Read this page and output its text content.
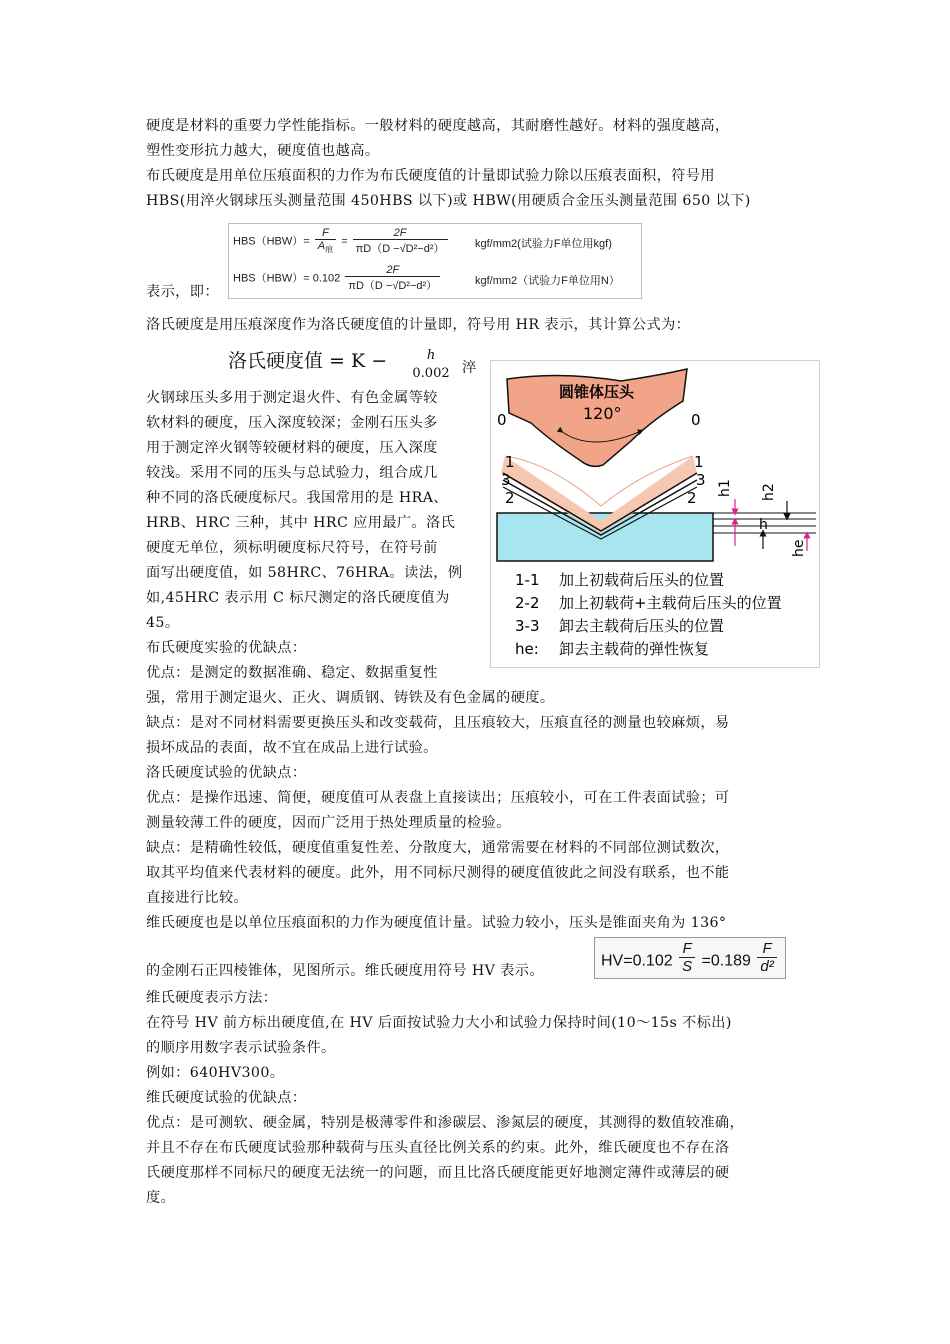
硬度是材料的重要力学性能指标。一般材料的硬度越高，其耐磨性越好。材料的强度越高，
塑性变形抗力越大，硬度值也越高。
布氏硬度是用单位压痕面积的力作为布氏硬度值的计量即试验力除以压痕表面积，符号用
HBS(用淬火钢球压头测量范围 450HBS 以下)或 HBW(用硬质合金压头测量范围 650 以下)
表示，即：
$HBS(HBW)= \frac{F}{A_痕} = \frac{2F}{\text{πD（D −√D²−d²）}}$	kgf/mm2(试验力F单位用kgf)
$HBS(HBW)= 0.102 \frac{2F}{\text{πD（D −√D²−d²）}}$	kgf/mm2（试验力F单位用N）
洛氏硬度是用压痕深度作为洛氏硬度值的计量即，符号用 HR 表示，其计算公式为：
洛氏硬度值 = K −	h
0.002 淬
火钢球压头多用于测定退火件、有色金属等较
软材料的硬度，压入深度较深；金刚石压头多
用于测定淬火钢等较硬材料的硬度，压入深度
较浅。采用不同的压头与总试验力，组合成几
种不同的洛氏硬度标尺。我国常用的是 HRA、
HRB、HRC 三种，其中 HRC 应用最广。洛氏
硬度无单位，须标明硬度标尺符号，在符号前
面写出硬度值，如 58HRC、76HRA。读法，例
如,45HRC 表示用 C 标尺测定的洛氏硬度值为
45。
圆锥体压头
120°
0	0
1
3
2
1
3
2
h1 h2
h
he
1-1 加上初载荷后压头的位置
2-2 加上初载荷+主载荷后压头的位置
3-3 卸去主载荷后压头的位置
he: 卸去主载荷的弹性恢复
布氏硬度实验的优缺点：
优点：是测定的数据准确、稳定、数据重复性
强，常用于测定退火、正火、调质钢、铸铁及有色金属的硬度。
缺点：是对不同材料需要更换压头和改变载荷，且压痕较大，压痕直径的测量也较麻烦，易
损坏成品的表面，故不宜在成品上进行试验。
洛氏硬度试验的优缺点：
优点：是操作迅速、简便，硬度值可从表盘上直接读出；压痕较小，可在工件表面试验；可
测量较薄工件的硬度，因而广泛用于热处理质量的检验。
缺点：是精确性较低，硬度值重复性差、分散度大，通常需要在材料的不同部位测试数次，
取其平均值来代表材料的硬度。此外，用不同标尺测得的硬度值彼此之间没有联系，也不能
直接进行比较。
维氏硬度也是以单位压痕面积的力作为硬度值计量。试验力较小，压头是锥面夹角为 136°
的金刚石正四棱锥体，见图所示。维氏硬度用符号 HV 表示。
$HV=0.102 \frac{F}{S} =0.189 \frac{F}{\text{d²}}$
维氏硬度表示方法：
在符号 HV 前方标出硬度值,在 HV 后面按试验力大小和试验力保持时间(10～15s 不标出)
的顺序用数字表示试验条件。
例如：640HV300。
维氏硬度试验的优缺点：
优点：是可测软、硬金属，特别是极薄零件和渗碳层、渗氮层的硬度，其测得的数值较准确，
并且不存在布氏硬度试验那种载荷与压头直径比例关系的约束。此外，维氏硬度也不存在洛
氏硬度那样不同标尺的硬度无法统一的问题，而且比洛氏硬度能更好地测定薄件或薄层的硬
度。
